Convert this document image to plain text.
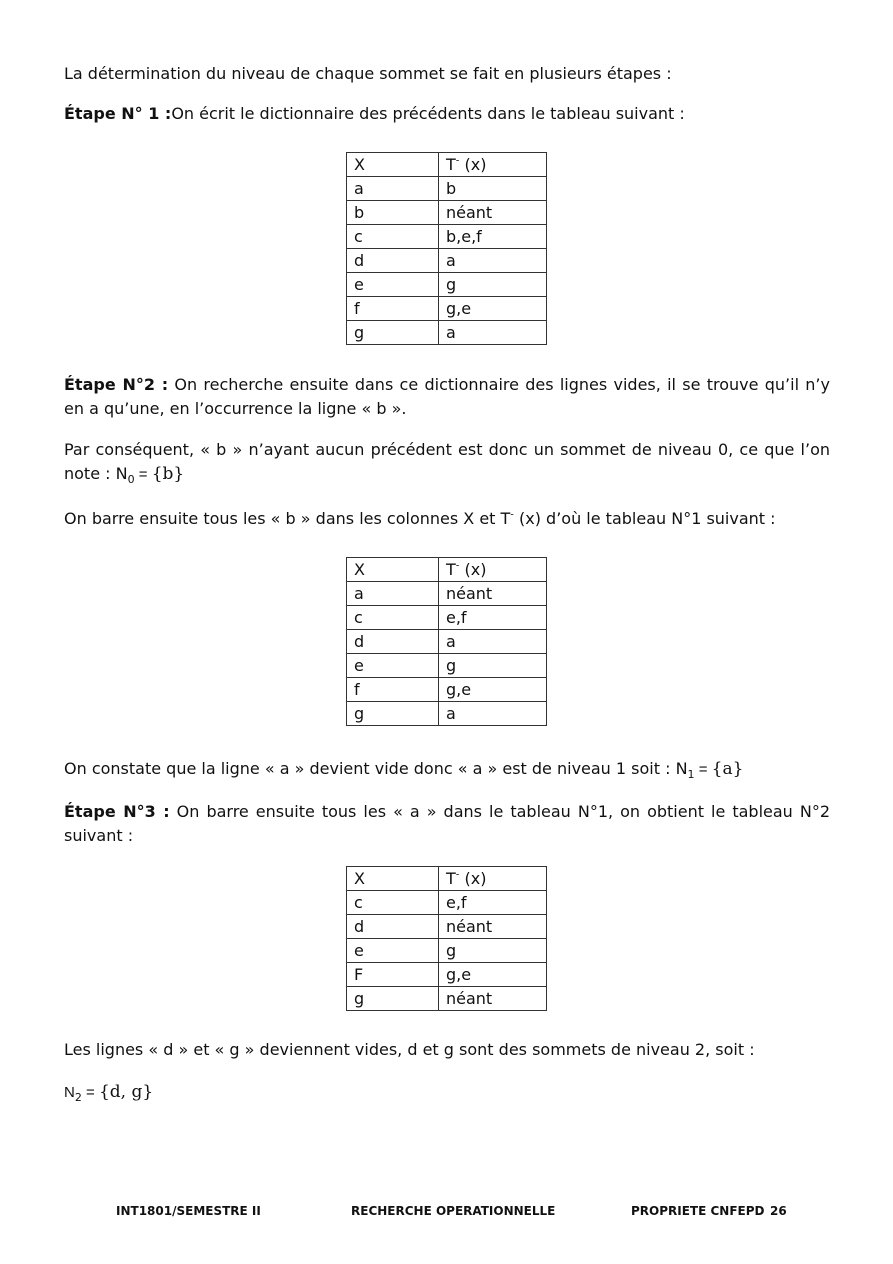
La détermination du niveau de chaque sommet se fait en plusieurs étapes :

Étape N° 1 :On écrit le dictionnaire des précédents dans le tableau suivant :

X	T- (x)
a	b
b	néant
c	b,e,f
d	a
e	g
f	g,e
g	a

Étape N°2 : On recherche ensuite dans ce dictionnaire des lignes vides, il se trouve qu’il n’y en a qu’une, en l’occurrence la ligne « b ».

Par conséquent, « b » n’ayant aucun précédent est donc un sommet de niveau 0, ce que l’on note : $N_0 = \{b\}$

On barre ensuite tous les « b » dans les colonnes X et T- (x) d’où le tableau N°1 suivant :

X	T- (x)
a	néant
c	e,f
d	a
e	g
f	g,e
g	a

On constate que la ligne « a » devient vide donc « a » est de niveau 1 soit : $N_1 = \{a\}$

Étape N°3 : On barre ensuite tous les « a » dans le tableau N°1, on obtient le tableau N°2 suivant :

X	T- (x)
c	e,f
d	néant
e	g
F	g,e
g	néant

Les lignes « d » et « g » deviennent vides, d et g sont des sommets de niveau 2, soit :

$N_2 = \{d$, g}

INT1801/SEMESTRE II	RECHERCHE OPERATIONNELLE	PROPRIETE CNFEPD 26
